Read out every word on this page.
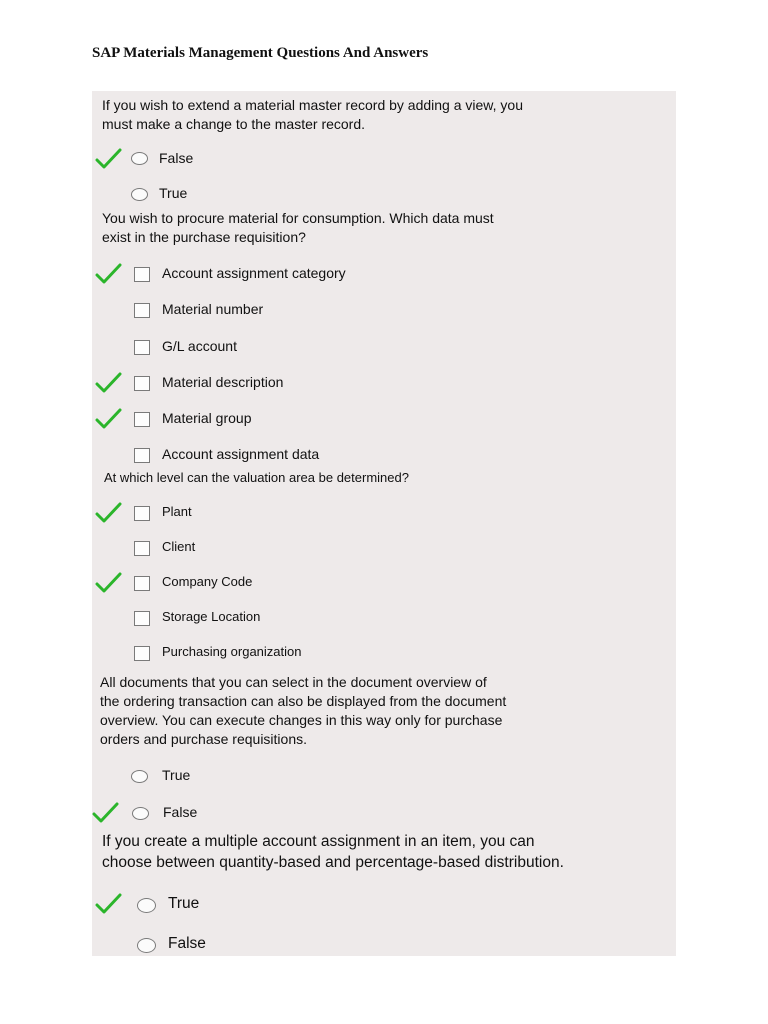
SAP Materials Management Questions And Answers
If you wish to extend a material master record by adding a view, you
must make a change to the master record.
False
True
You wish to procure material for consumption. Which data must
exist in the purchase requisition?
Account assignment category
Material number
G/L account
Material description
Material group
Account assignment data
At which level can the valuation area be determined?
Plant
Client
Company Code
Storage Location
Purchasing organization
All documents that you can select in the document overview of
the ordering transaction can also be displayed from the document
overview. You can execute changes in this way only for purchase
orders and purchase requisitions.
True
False
If you create a multiple account assignment in an item, you can
choose between quantity-based and percentage-based distribution.
True
False
